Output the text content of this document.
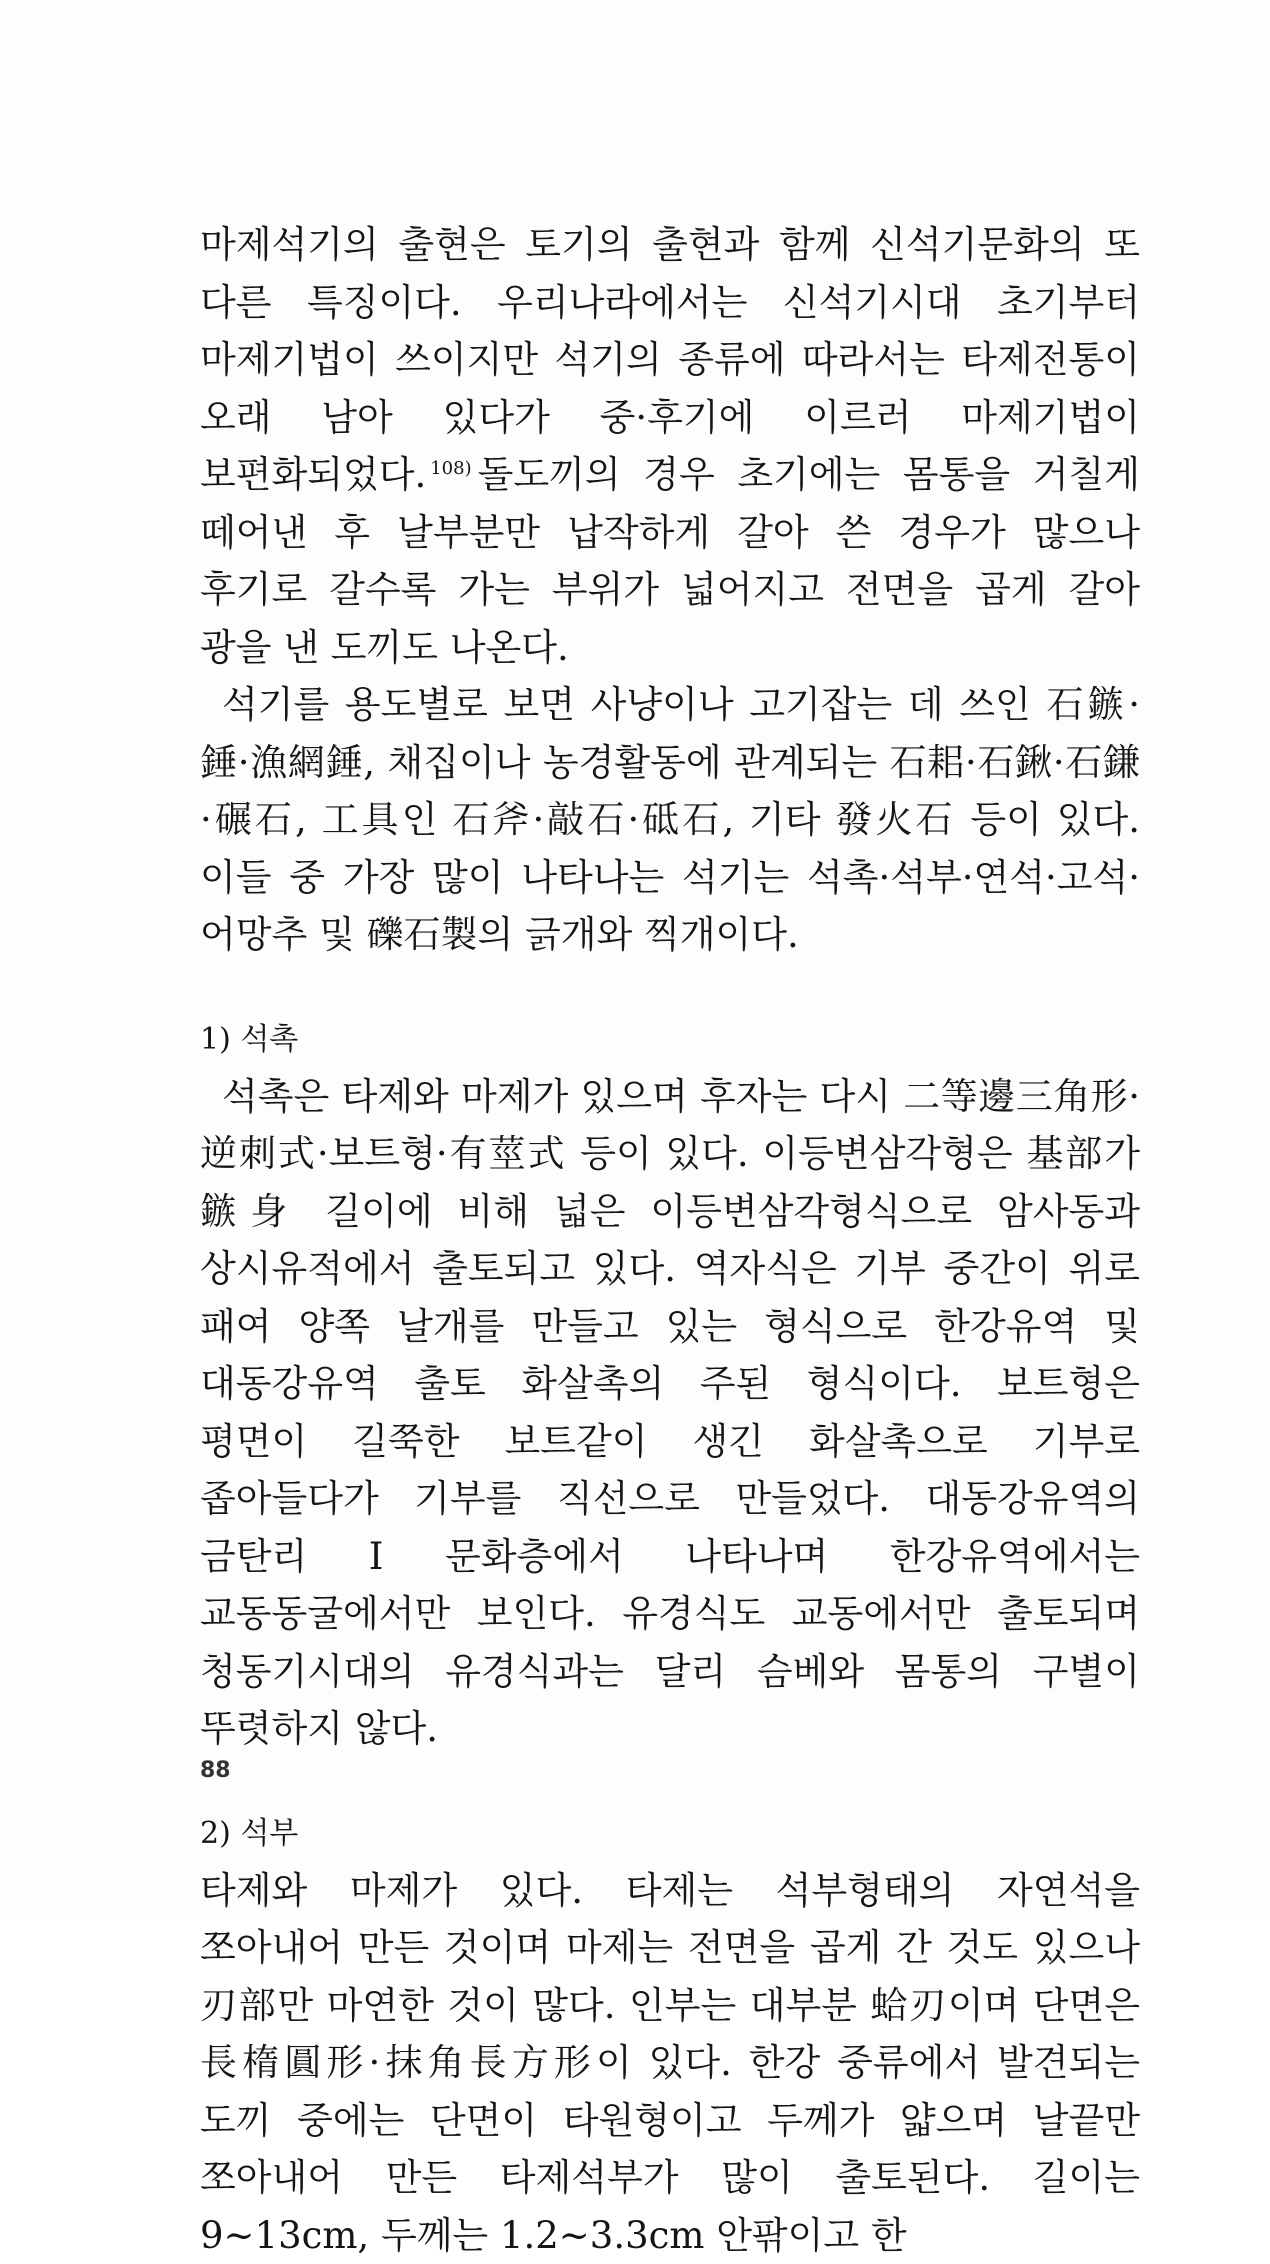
마제석기의 출현은 토기의 출현과 함께 신석기문화의 또 다른 특징이다. 우리나라에서는 신석기시대 초기부터 마제기법이 쓰이지만 석기의 종류에 따라서는 타제전통이 오래 남아 있다가 중·후기에 이르러 마제기법이 보편화되었다. $^{108)}$ 돌도끼의 경우 초기에는 몸통을 거칠게 떼어낸 후 날부분만 납작하게 갈아 쓴 경우가 많으나 후기로 갈수록 가는 부위가 넓어지고 전면을 곱게 갈아 광을 낸 도끼도 나온다.

석기를 용도별로 보면 사냥이나 고기잡는 데 쓰인 石鏃·錘·漁網錘, 채집이나 농경활동에 관계되는 石耜·石鍬·石鎌·碾石, 工具인 石斧·敲石·砥石, 기타 發火石 등이 있다. 이들 중 가장 많이 나타나는 석기는 석촉·석부·연석·고석·어망추 및 礫石製의 긁개와 찍개이다.

1) 석촉

석촉은 타제와 마제가 있으며 후자는 다시 二等邊三角形·逆刺式·보트형·有莖式 등이 있다. 이등변삼각형은 基部가 鏃身 길이에 비해 넓은 이등변삼각형식으로 암사동과 상시유적에서 출토되고 있다. 역자식은 기부 중간이 위로 패여 양쪽 날개를 만들고 있는 형식으로 한강유역 및 대동강유역 출토 화살촉의 주된 형식이다. 보트형은 평면이 길쭉한 보트같이 생긴 화살촉으로 기부로 좁아들다가 기부를 직선으로 만들었다. 대동강유역의 금탄리 I 문화층에서 나타나며 한강유역에서는 교동동굴에서만 보인다. 유경식도 교동에서만 출토되며 청동기시대의 유경식과는 달리 슴베와 몸통의 구별이 뚜렷하지 않다.

2) 석부

타제와 마제가 있다. 타제는 석부형태의 자연석을 쪼아내어 만든 것이며 마제는 전면을 곱게 간 것도 있으나 刃部만 마연한 것이 많다. 인부는 대부분 蛤刃이며 단면은 長楕圓形·抹角長方形이 있다. 한강 중류에서 발견되는 도끼 중에는 단면이 타원형이고 두께가 얇으며 날끝만 쪼아내어 만든 타제석부가 많이 출토된다. 길이는 9~13cm, 두께는 1.2~3.3cm 안팎이고 한

88
